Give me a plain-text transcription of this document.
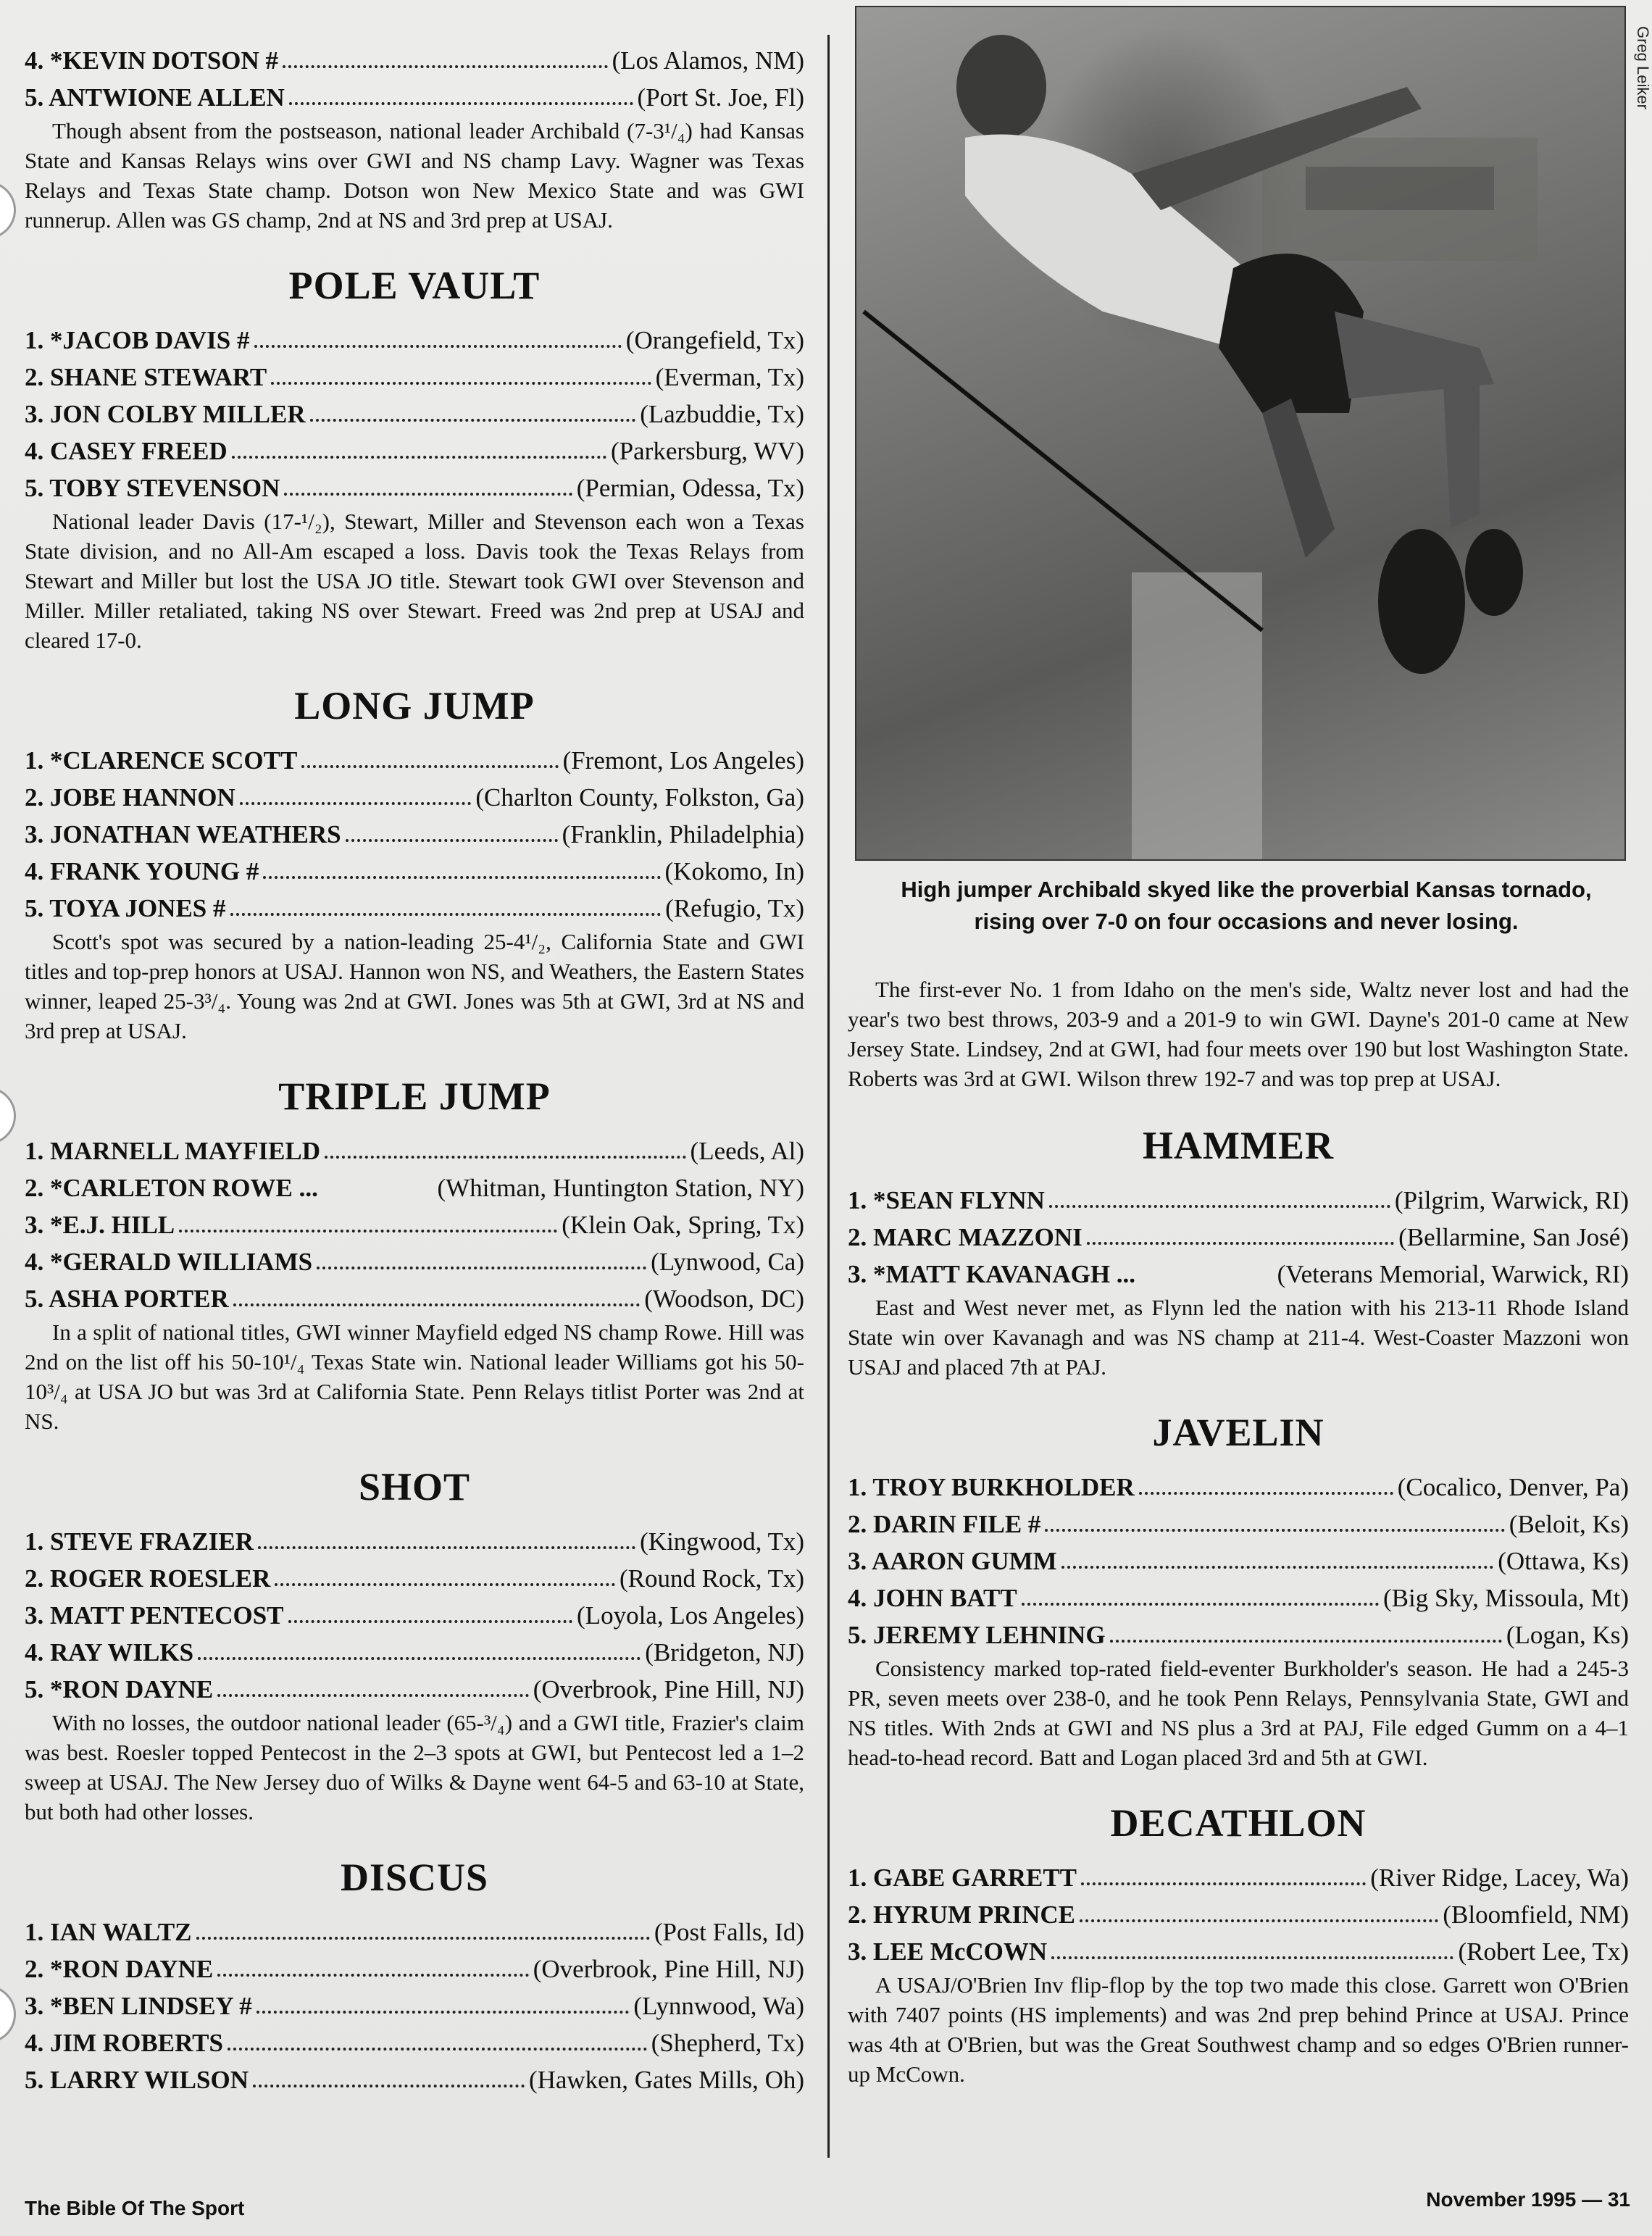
4. *KEVIN DOTSON #	(Los Alamos, NM)
5. ANTWIONE ALLEN	(Port St. Joe, Fl)

Though absent from the postseason, national leader Archibald (7-3¹/₄) had Kansas State and Kansas Relays wins over GWI and NS champ Lavy. Wagner was Texas Relays and Texas State champ. Dotson won New Mexico State and was GWI runnerup. Allen was GS champ, 2nd at NS and 3rd prep at USAJ.

POLE VAULT
1. *JACOB DAVIS #	(Orangefield, Tx)
2. SHANE STEWART	(Everman, Tx)
3. JON COLBY MILLER	(Lazbuddie, Tx)
4. CASEY FREED	(Parkersburg, WV)
5. TOBY STEVENSON	(Permian, Odessa, Tx)

National leader Davis (17-¹/₂), Stewart, Miller and Stevenson each won a Texas State division, and no All-Am escaped a loss. Davis took the Texas Relays from Stewart and Miller but lost the USA JO title. Stewart took GWI over Stevenson and Miller. Miller retaliated, taking NS over Stewart. Freed was 2nd prep at USAJ and cleared 17-0.

LONG JUMP
1. *CLARENCE SCOTT	(Fremont, Los Angeles)
2. JOBE HANNON	(Charlton County, Folkston, Ga)
3. JONATHAN WEATHERS	(Franklin, Philadelphia)
4. FRANK YOUNG #	(Kokomo, In)
5. TOYA JONES #	(Refugio, Tx)

Scott's spot was secured by a nation-leading 25-4¹/₂, California State and GWI titles and top-prep honors at USAJ. Hannon won NS, and Weathers, the Eastern States winner, leaped 25-3³/₄. Young was 2nd at GWI. Jones was 5th at GWI, 3rd at NS and 3rd prep at USAJ.

TRIPLE JUMP
1. MARNELL MAYFIELD	(Leeds, Al)
2. *CARLETON ROWE ...	(Whitman, Huntington Station, NY)
3. *E.J. HILL	(Klein Oak, Spring, Tx)
4. *GERALD WILLIAMS	(Lynwood, Ca)
5. ASHA PORTER	(Woodson, DC)

In a split of national titles, GWI winner Mayfield edged NS champ Rowe. Hill was 2nd on the list off his 50-10¹/₄ Texas State win. National leader Williams got his 50-10³/₄ at USA JO but was 3rd at California State. Penn Relays titlist Porter was 2nd at NS.

SHOT
1. STEVE FRAZIER	(Kingwood, Tx)
2. ROGER ROESLER	(Round Rock, Tx)
3. MATT PENTECOST	(Loyola, Los Angeles)
4. RAY WILKS	(Bridgeton, NJ)
5. *RON DAYNE	(Overbrook, Pine Hill, NJ)

With no losses, the outdoor national leader (65-³/₄) and a GWI title, Frazier's claim was best. Roesler topped Pentecost in the 2–3 spots at GWI, but Pentecost led a 1–2 sweep at USAJ. The New Jersey duo of Wilks & Dayne went 64-5 and 63-10 at State, but both had other losses.

DISCUS
1. IAN WALTZ	(Post Falls, Id)
2. *RON DAYNE	(Overbrook, Pine Hill, NJ)
3. *BEN LINDSEY #	(Lynnwood, Wa)
4. JIM ROBERTS	(Shepherd, Tx)
5. LARRY WILSON	(Hawken, Gates Mills, Oh)
Greg Leiker

High jumper Archibald skyed like the proverbial Kansas tornado, rising over 7-0 on four occasions and never losing.

The first-ever No. 1 from Idaho on the men's side, Waltz never lost and had the year's two best throws, 203-9 and a 201-9 to win GWI. Dayne's 201-0 came at New Jersey State. Lindsey, 2nd at GWI, had four meets over 190 but lost Washington State. Roberts was 3rd at GWI. Wilson threw 192-7 and was top prep at USAJ.

HAMMER
1. *SEAN FLYNN	(Pilgrim, Warwick, RI)
2. MARC MAZZONI	(Bellarmine, San José)
3. *MATT KAVANAGH ...	(Veterans Memorial, Warwick, RI)

East and West never met, as Flynn led the nation with his 213-11 Rhode Island State win over Kavanagh and was NS champ at 211-4. West-Coaster Mazzoni won USAJ and placed 7th at PAJ.

JAVELIN
1. TROY BURKHOLDER	(Cocalico, Denver, Pa)
2. DARIN FILE #	(Beloit, Ks)
3. AARON GUMM	(Ottawa, Ks)
4. JOHN BATT	(Big Sky, Missoula, Mt)
5. JEREMY LEHNING	(Logan, Ks)

Consistency marked top-rated field-eventer Burkholder's season. He had a 245-3 PR, seven meets over 238-0, and he took Penn Relays, Pennsylvania State, GWI and NS titles. With 2nds at GWI and NS plus a 3rd at PAJ, File edged Gumm on a 4–1 head-to-head record. Batt and Logan placed 3rd and 5th at GWI.

DECATHLON
1. GABE GARRETT	(River Ridge, Lacey, Wa)
2. HYRUM PRINCE	(Bloomfield, NM)
3. LEE McCOWN	(Robert Lee, Tx)

A USAJ/O'Brien Inv flip-flop by the top two made this close. Garrett won O'Brien with 7407 points (HS implements) and was 2nd prep behind Prince at USAJ. Prince was 4th at O'Brien, but was the Great Southwest champ and so edges O'Brien runner-up McCown.

The Bible Of The Sport	November 1995 — 31
